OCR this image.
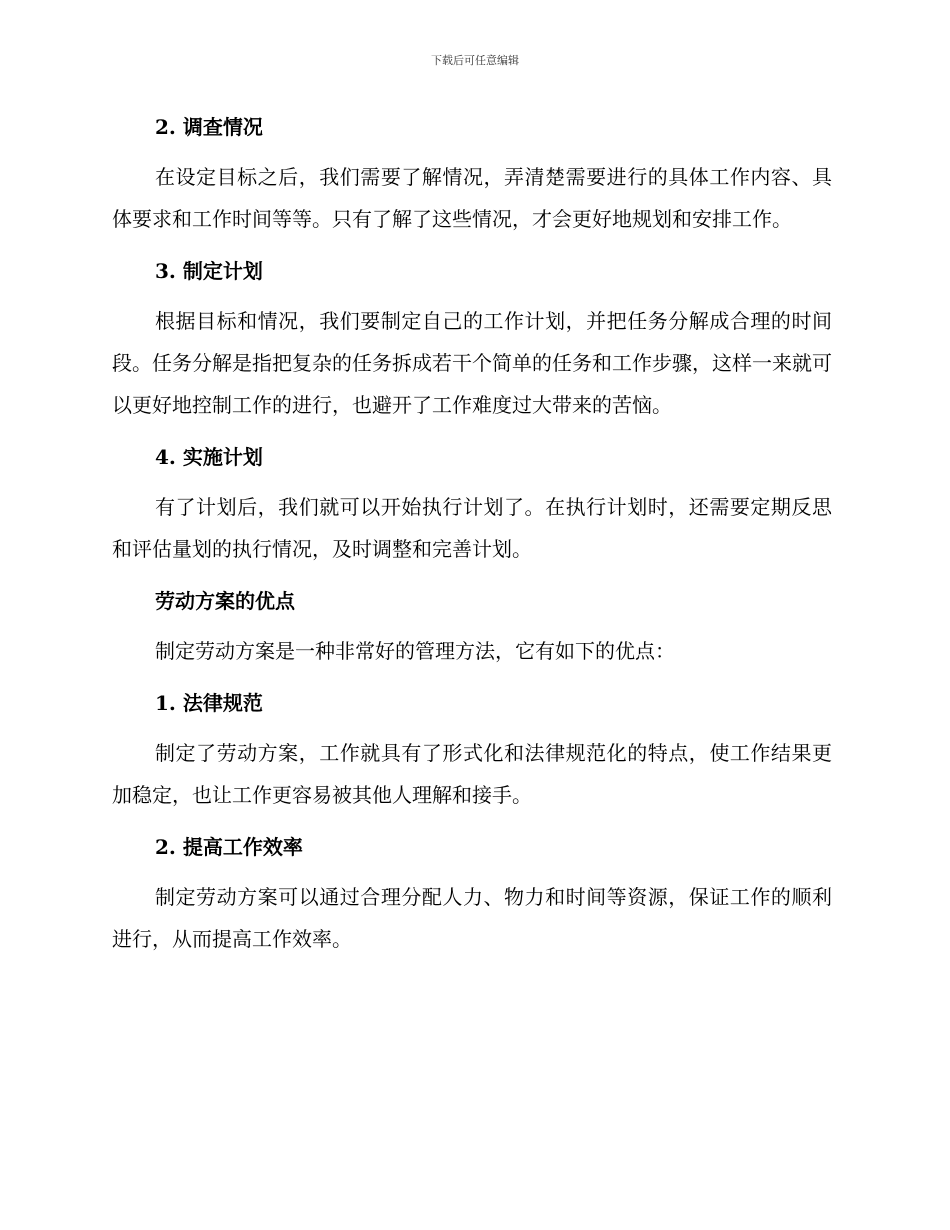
下载后可任意编辑
2. 调查情况

在设定目标之后，我们需要了解情况，弄清楚需要进行的具体工作内容、具体要求和工作时间等等。只有了解了这些情况，才会更好地规划和安排工作。

3. 制定计划

根据目标和情况，我们要制定自己的工作计划，并把任务分解成合理的时间段。任务分解是指把复杂的任务拆成若干个简单的任务和工作步骤，这样一来就可以更好地控制工作的进行，也避开了工作难度过大带来的苦恼。

4. 实施计划

有了计划后，我们就可以开始执行计划了。在执行计划时，还需要定期反思和评估量划的执行情况，及时调整和完善计划。

劳动方案的优点

制定劳动方案是一种非常好的管理方法，它有如下的优点：

1. 法律规范

制定了劳动方案，工作就具有了形式化和法律规范化的特点，使工作结果更加稳定，也让工作更容易被其他人理解和接手。

2. 提高工作效率

制定劳动方案可以通过合理分配人力、物力和时间等资源，保证工作的顺利进行，从而提高工作效率。
